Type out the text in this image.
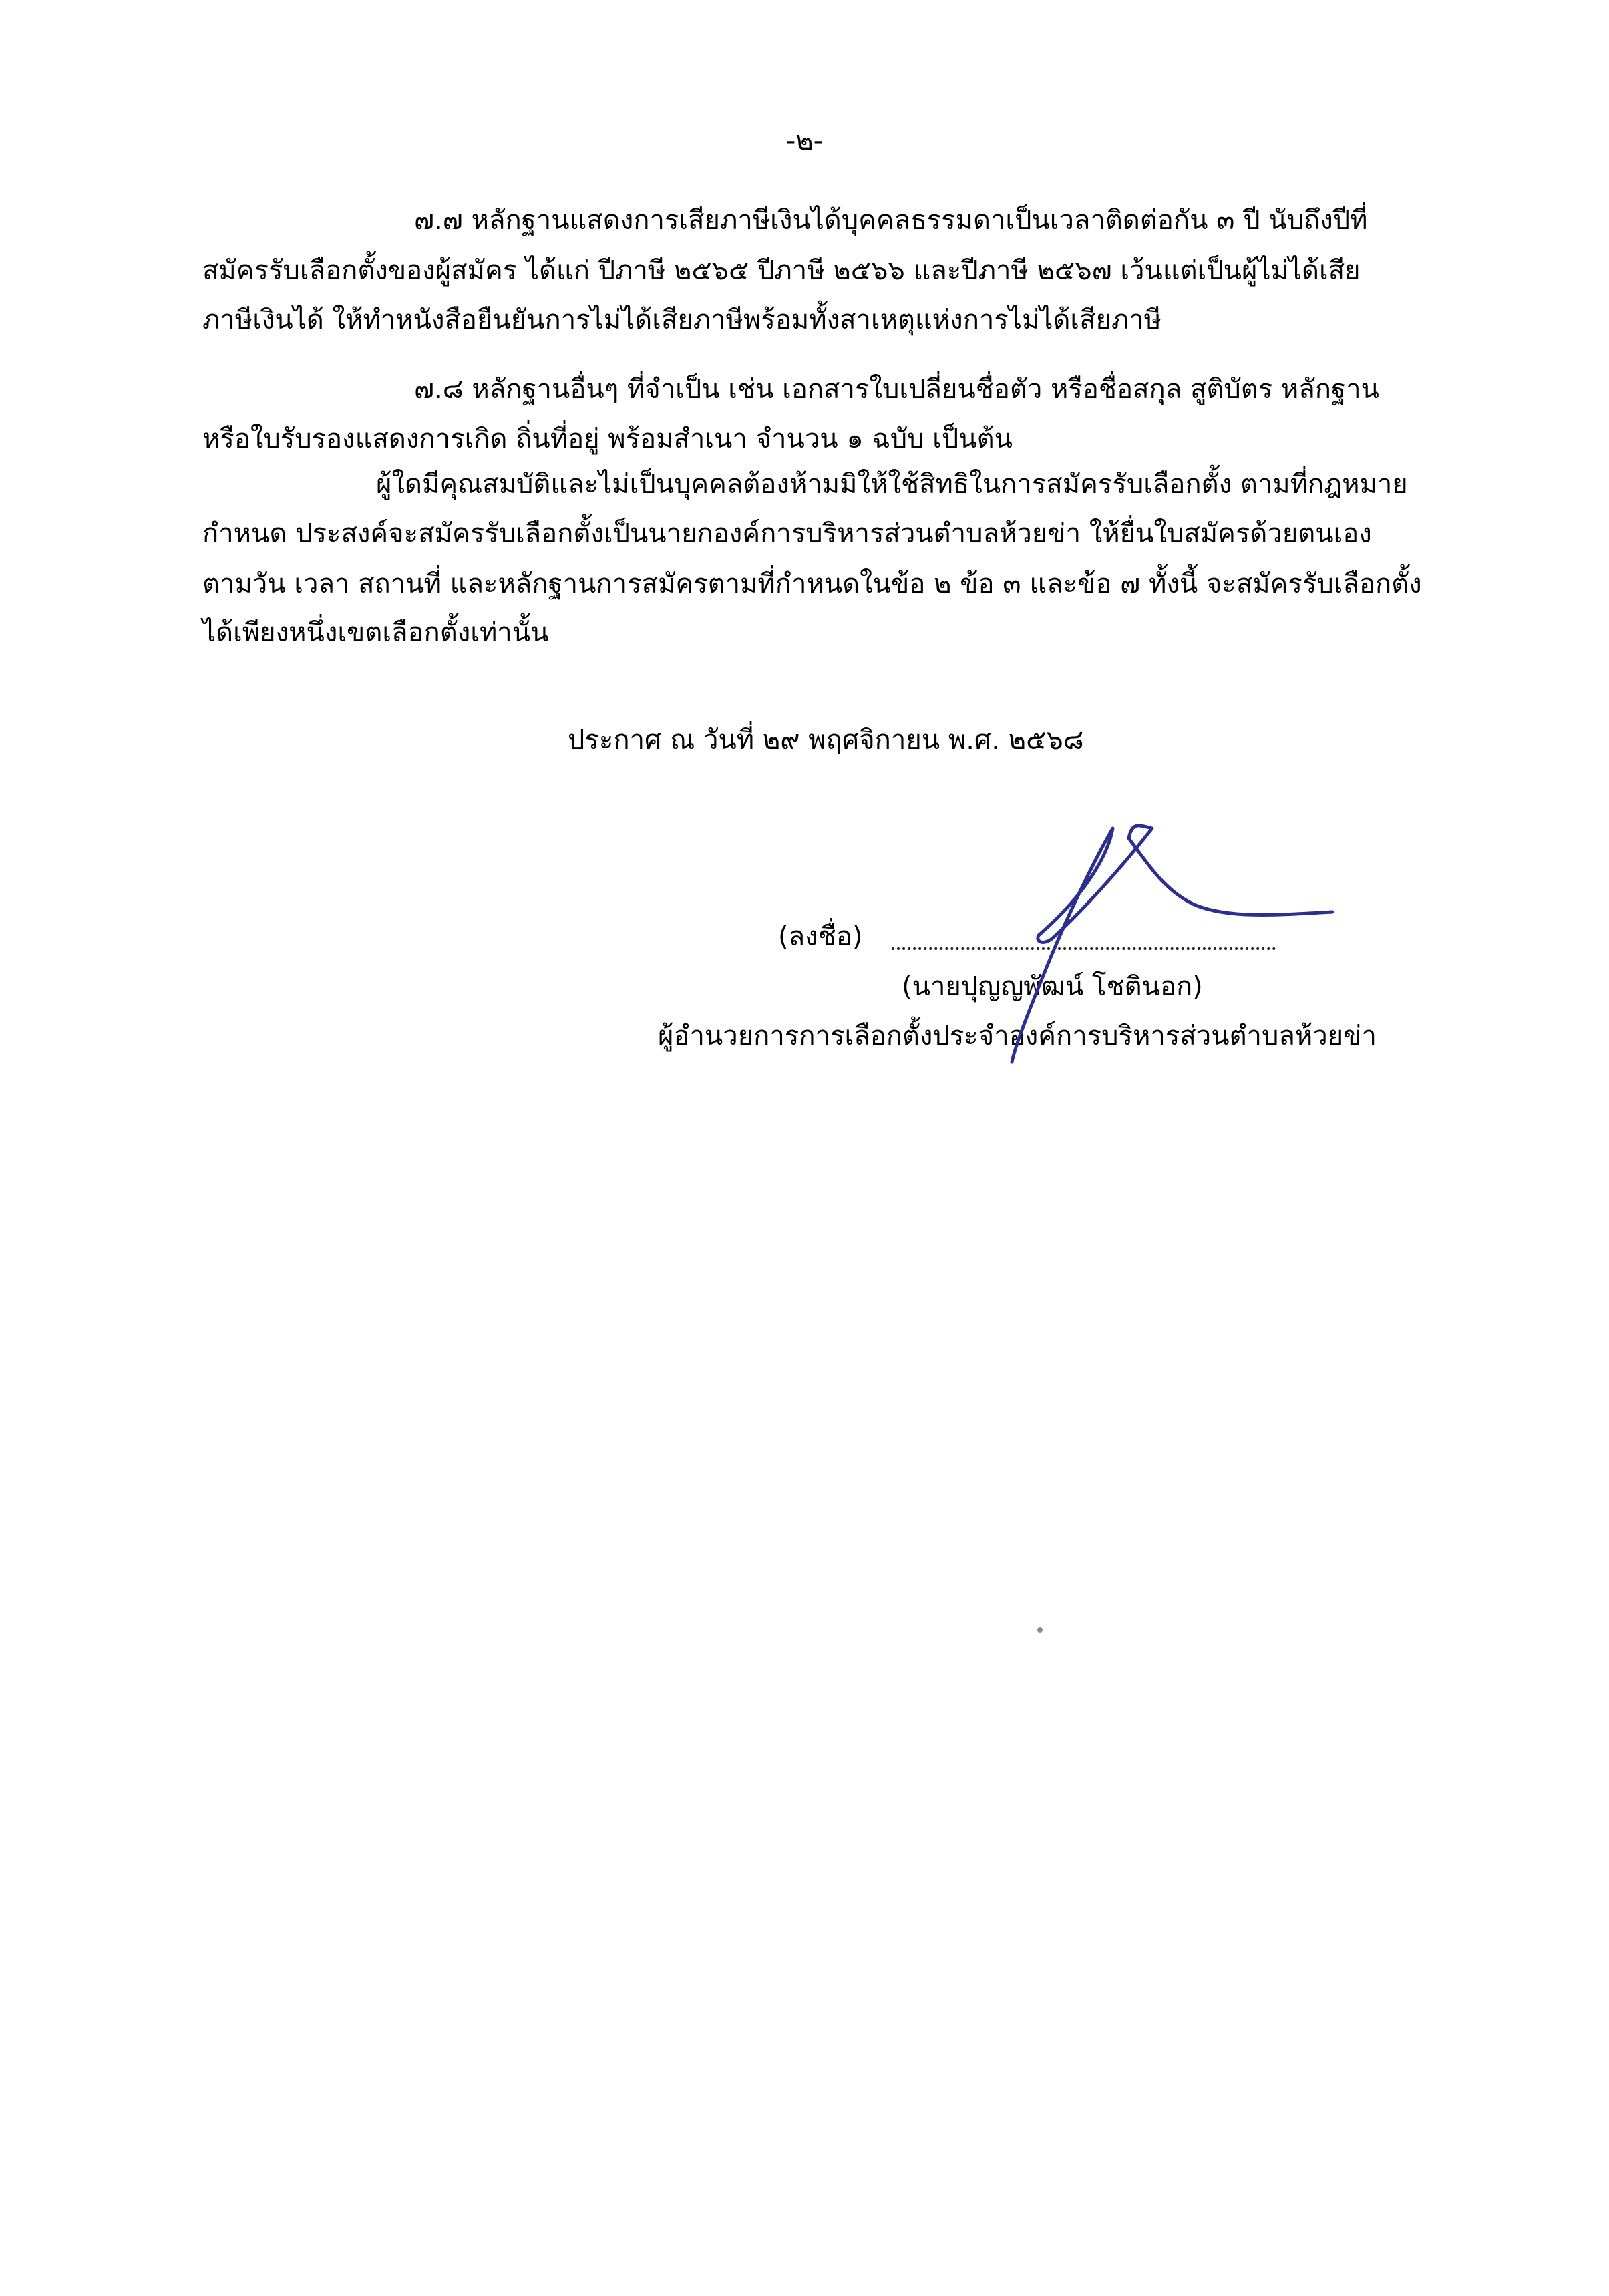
-๒-
๗.๗ หลักฐานแสดงการเสียภาษีเงินได้บุคคลธรรมดาเป็นเวลาติดต่อกัน ๓ ปี นับถึงปีที่
สมัครรับเลือกตั้งของผู้สมัคร ได้แก่ ปีภาษี ๒๕๖๕ ปีภาษี ๒๕๖๖ และปีภาษี ๒๕๖๗ เว้นแต่เป็นผู้ไม่ได้เสีย
ภาษีเงินได้ ให้ทำหนังสือยืนยันการไม่ได้เสียภาษีพร้อมทั้งสาเหตุแห่งการไม่ได้เสียภาษี
๗.๘ หลักฐานอื่นๆ ที่จำเป็น เช่น เอกสารใบเปลี่ยนชื่อตัว หรือชื่อสกุล สูติบัตร หลักฐาน
หรือใบรับรองแสดงการเกิด ถิ่นที่อยู่ พร้อมสำเนา จำนวน ๑ ฉบับ เป็นต้น
ผู้ใดมีคุณสมบัติและไม่เป็นบุคคลต้องห้ามมิให้ใช้สิทธิในการสมัครรับเลือกตั้ง ตามที่กฎหมาย
กำหนด ประสงค์จะสมัครรับเลือกตั้งเป็นนายกองค์การบริหารส่วนตำบลห้วยข่า ให้ยื่นใบสมัครด้วยตนเอง
ตามวัน เวลา สถานที่ และหลักฐานการสมัครตามที่กำหนดในข้อ ๒ ข้อ ๓ และข้อ ๗ ทั้งนี้ จะสมัครรับเลือกตั้ง
ได้เพียงหนึ่งเขตเลือกตั้งเท่านั้น
ประกาศ ณ วันที่ ๒๙ พฤศจิกายน พ.ศ. ๒๕๖๘
(ลงชื่อ)
(นายปุญญพัฒน์ โชตินอก)
ผู้อำนวยการการเลือกตั้งประจำองค์การบริหารส่วนตำบลห้วยข่า
